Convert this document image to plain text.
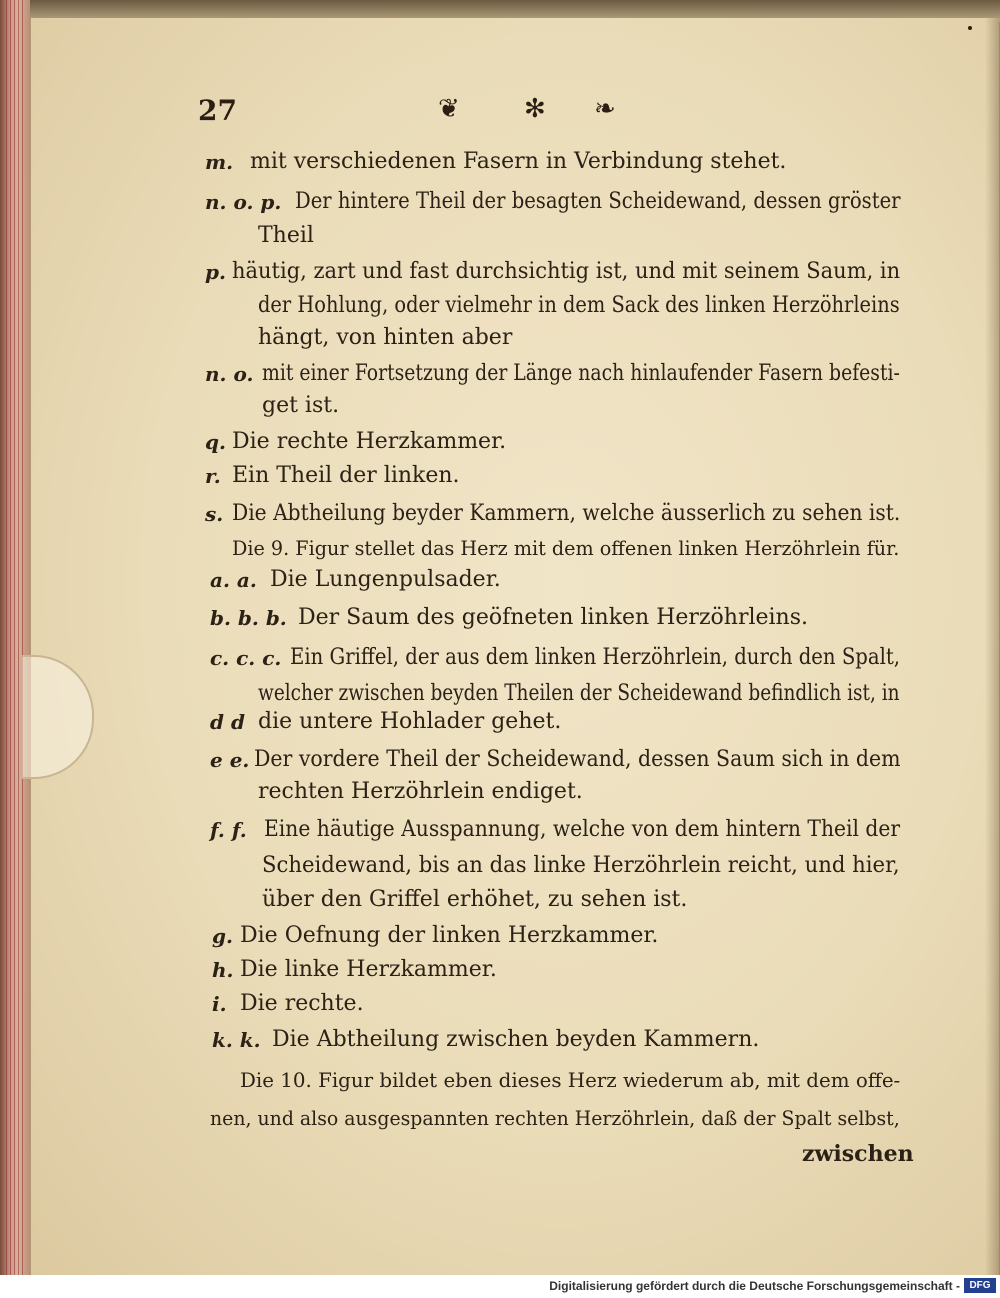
27	❦ ✻ ❧
m. mit verschiedenen Fasern in Verbindung stehet.
n. o. p. Der hintere Theil der besagten Scheidewand, dessen gröster
Theil
p. häutig, zart und fast durchsichtig ist, und mit seinem Saum, in
der Hohlung, oder vielmehr in dem Sack des linken Herzöhrleins
hängt, von hinten aber
n. o. mit einer Fortsetzung der Länge nach hinlaufender Fasern befesti-
get ist.
q. Die rechte Herzkammer.
r. Ein Theil der linken.
s. Die Abtheilung beyder Kammern, welche äusserlich zu sehen ist.
Die 9. Figur stellet das Herz mit dem offenen linken Herzöhrlein für.
a. a. Die Lungenpulsader.
b. b. b. Der Saum des geöfneten linken Herzöhrleins.
c. c. c. Ein Griffel, der aus dem linken Herzöhrlein, durch den Spalt,
welcher zwischen beyden Theilen der Scheidewand befindlich ist, in
d d die untere Hohlader gehet.
e e. Der vordere Theil der Scheidewand, dessen Saum sich in dem
rechten Herzöhrlein endiget.
f. f. Eine häutige Ausspannung, welche von dem hintern Theil der
Scheidewand, bis an das linke Herzöhrlein reicht, und hier,
über den Griffel erhöhet, zu sehen ist.
g. Die Oefnung der linken Herzkammer.
h. Die linke Herzkammer.
i. Die rechte.
k. k. Die Abtheilung zwischen beyden Kammern.
Die 10. Figur bildet eben dieses Herz wiederum ab, mit dem offe-
nen, und also ausgespannten rechten Herzöhrlein, daß der Spalt selbst,
zwischen
Digitalisierung gefördert durch die Deutsche Forschungsgemeinschaft - DFG
